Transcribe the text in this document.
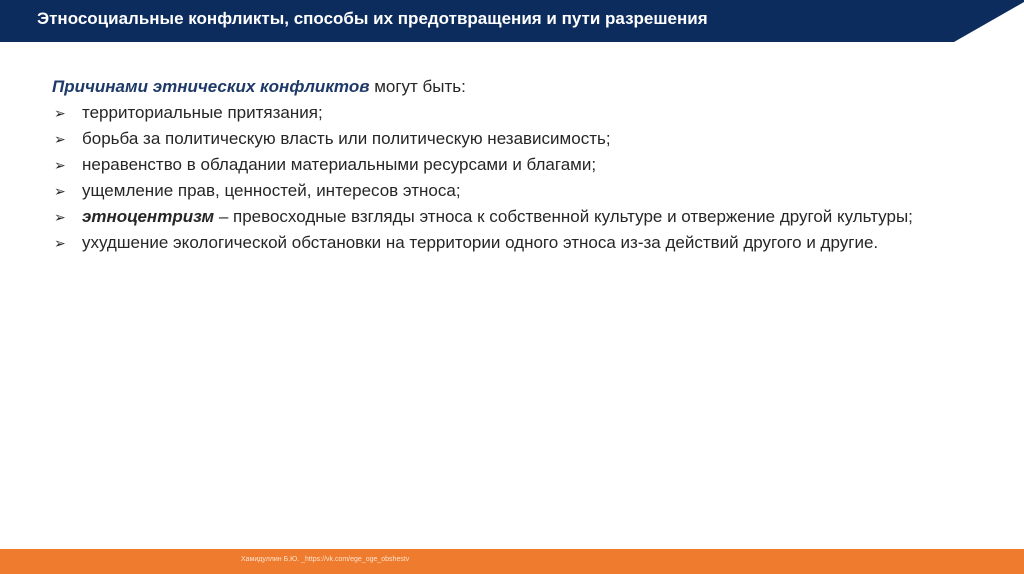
Этносоциальные конфликты, способы их предотвращения и пути разрешения

Причинами этнических конфликтов могут быть:

➢ территориальные притязания;
➢ борьба за политическую власть или политическую независимость;
➢ неравенство в обладании материальными ресурсами и благами;
➢ ущемление прав, ценностей, интересов этноса;
➢ этноцентризм – превосходные взгляды этноса к собственной культуре и отвержение другой культуры;
➢ ухудшение экологической обстановки на территории одного этноса из-за действий другого и другие.
Хамидуллин Б.Ю. _https://vk.com/ege_oge_obshestv
